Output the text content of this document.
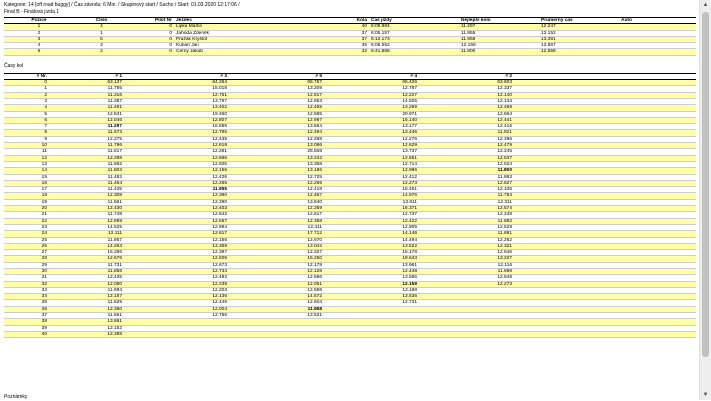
Kategorie: 14 [off road buggy] / Čas závodu: 6 Min. / Skupinový start / Sucho / Start: 01.03.2020 12:17:06 /
Final B - Finálová jízda 1
Pozice	Číslo	Pilot Nr	Jezdec	Kola	Čas jízdy	Nejlepší kolo	Prumerný cas	Auto
1	4	0	Lipka Martin	40	6:09.884	11.297	12.247	
2	1	0	Jahoda Zdeněk	37	6:05.157	11.955	13.152	
3	5	0	Pražák Kryštof	37	6:12.173	11.958	13.391	
4	3	0	Kubáň Jan	35	6:08.552	12.159	13.867	
5	2	0	Černý Jakub	32	6:41.856	11.800	12.558	
Časy kol
# Nr.	# 1	# 3	# 5	# 4	# 2	
0	63.137	64.264	65.757	65.426	63.603	
1	11.785	15.018	13.209	12.787	12.337	
2	11.316	12.751	12.617	12.227	12.140	
3	11.387	13.797	12.653	14.505	12.134	
4	11.491	13.402	12.455	13.259	12.469	
5	12.631	19.460	12.685	20.971	12.664	
6	12.046	12.807	12.997	15.140	12.441	
7	11.297	16.855	13.554	13.177	12.416	
8	11.673	12.795	12.494	13.446	11.821	
9	12.275	12.435	12.268	12.276	12.396	
10	11.796	12.618	13.086	12.629	12.479	
11	11.617	12.261	28.508	13.737	12.245	
12	12.288	12.866	13.242	12.661	12.637	
13	11.662	12.505	13.358	12.714	12.624	
14	11.803	12.156	13.186	12.986	11.800	
15	11.482	12.426	12.725	12.412	11.863	
16	11.464	12.265	12.265	12.273	12.627	
17	11.435	11.955	12.418	15.451	12.105	
18	12.308	12.390	12.467	14.976	11.794	
19	11.561	12.290	13.840	13.811	12.311	
20	12.430	12.403	12.359	16.371	12.574	
21	11.748	12.642	12.617	12.737	12.248	
22	12.859	12.557	12.358	12.422	11.882	
23	14.525	12.894	12.411	12.905	12.529	
24	12.111	12.617	17.712	14.146	11.891	
25	11.667	12.156	12.670	14.494	12.262	
26	14.263	13.369	13.042	13.522	12.321	
27	16.296	12.397	12.327	15.178	12.646	
28	12.676	12.506	15.250	18.643	13.227	
29	11.731	12.673	12.178	13.961	12.116	
30	11.858	12.734	12.128	12.448	11.698	
31	12.435	12.483	12.686	13.586	12.548	
32	12.080	12.239	12.061	12.159	12.273	
33	11.694	12.203	12.568	13.188		
34	12.187	12.136	14.572	13.536		
35	11.629	12.446	12.604	12.731		
36	12.350	12.004	11.958			
37	11.661	12.766	13.531			
38	13.861					
39	12.152					
40	12.388					
Poznámky
▲
▼
